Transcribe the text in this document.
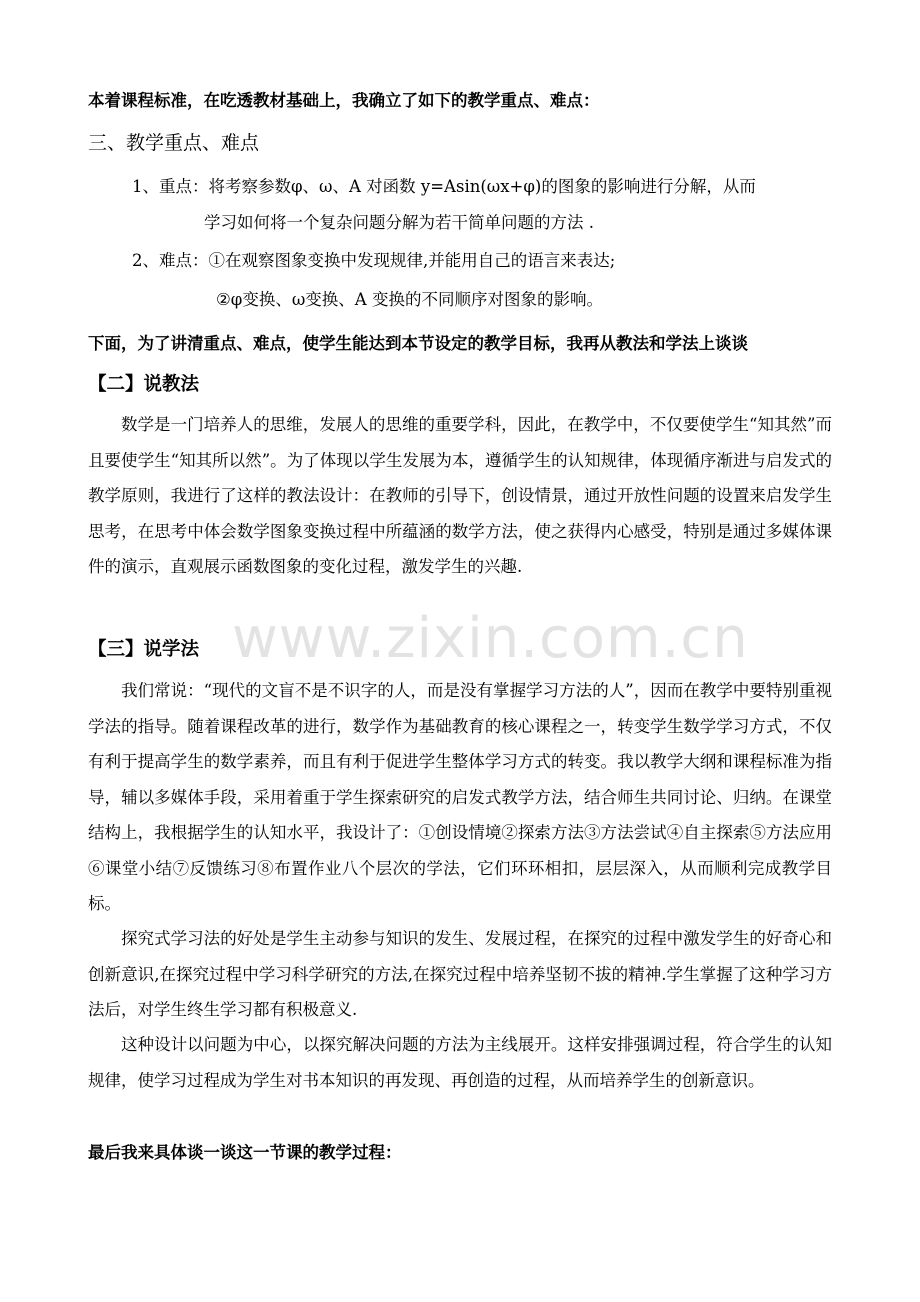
www.zixin.com.cn
本着课程标准，在吃透教材基础上，我确立了如下的教学重点、难点：
三、教学重点、难点
1、重点：将考察参数φ、ω、A 对函数 y=Asin(ωx+φ)的图象的影响进行分解，从而
学习如何将一个复杂问题分解为若干简单问题的方法 .
2、难点：①在观察图象变换中发现规律,并能用自己的语言来表达;
②φ变换、ω变换、A 变换的不同顺序对图象的影响。
下面，为了讲清重点、难点，使学生能达到本节设定的教学目标，我再从教法和学法上谈谈
【二】说教法

数学是一门培养人的思维，发展人的思维的重要学科，因此，在教学中，不仅要使学生“知其然”而且要使学生“知其所以然”。为了体现以学生发展为本，遵循学生的认知规律，体现循序渐进与启发式的教学原则，我进行了这样的教法设计：在教师的引导下，创设情景，通过开放性问题的设置来启发学生思考，在思考中体会数学图象变换过程中所蕴涵的数学方法，使之获得内心感受，特别是通过多媒体课件的演示，直观展示函数图象的变化过程，激发学生的兴趣.

【三】说学法

我们常说：“现代的文盲不是不识字的人，而是没有掌握学习方法的人”，因而在教学中要特别重视学法的指导。随着课程改革的进行，数学作为基础教育的核心课程之一，转变学生数学学习方式，不仅有利于提高学生的数学素养，而且有利于促进学生整体学习方式的转变。我以教学大纲和课程标准为指导，辅以多媒体手段，采用着重于学生探索研究的启发式教学方法，结合师生共同讨论、归纳。在课堂结构上，我根据学生的认知水平，我设计了：①创设情境②探索方法③方法尝试④自主探索⑤方法应用⑥课堂小结⑦反馈练习⑧布置作业八个层次的学法，它们环环相扣，层层深入，从而顺利完成教学目标。

探究式学习法的好处是学生主动参与知识的发生、发展过程，在探究的过程中激发学生的好奇心和创新意识,在探究过程中学习科学研究的方法,在探究过程中培养坚韧不拔的精神.学生掌握了这种学习方法后，对学生终生学习都有积极意义.

这种设计以问题为中心，以探究解决问题的方法为主线展开。这样安排强调过程，符合学生的认知规律，使学习过程成为学生对书本知识的再发现、再创造的过程，从而培养学生的创新意识。

最后我来具体谈一谈这一节课的教学过程：
